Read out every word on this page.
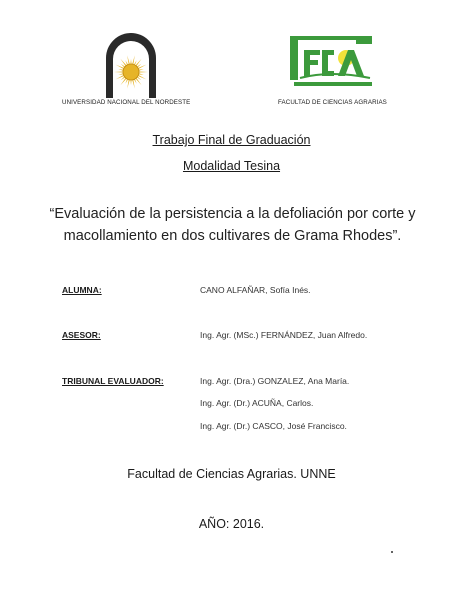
UNIVERSIDAD NACIONAL DEL NORDESTE	FACULTAD DE CIENCIAS AGRARIAS
Trabajo Final de Graduación
Modalidad Tesina
“Evaluación de la persistencia a la defoliación por corte y
macollamiento en dos cultivares de Grama Rhodes”.
ALUMNA:	CANO ALFAÑAR, Sofía Inés.
ASESOR:	Ing. Agr. (MSc.) FERNÁNDEZ, Juan Alfredo.
TRIBUNAL EVALUADOR:	Ing. Agr. (Dra.) GONZALEZ, Ana María.
Ing. Agr. (Dr.) ACUÑA, Carlos.
Ing. Agr. (Dr.) CASCO, José Francisco.
Facultad de Ciencias Agrarias. UNNE
AÑO: 2016.
